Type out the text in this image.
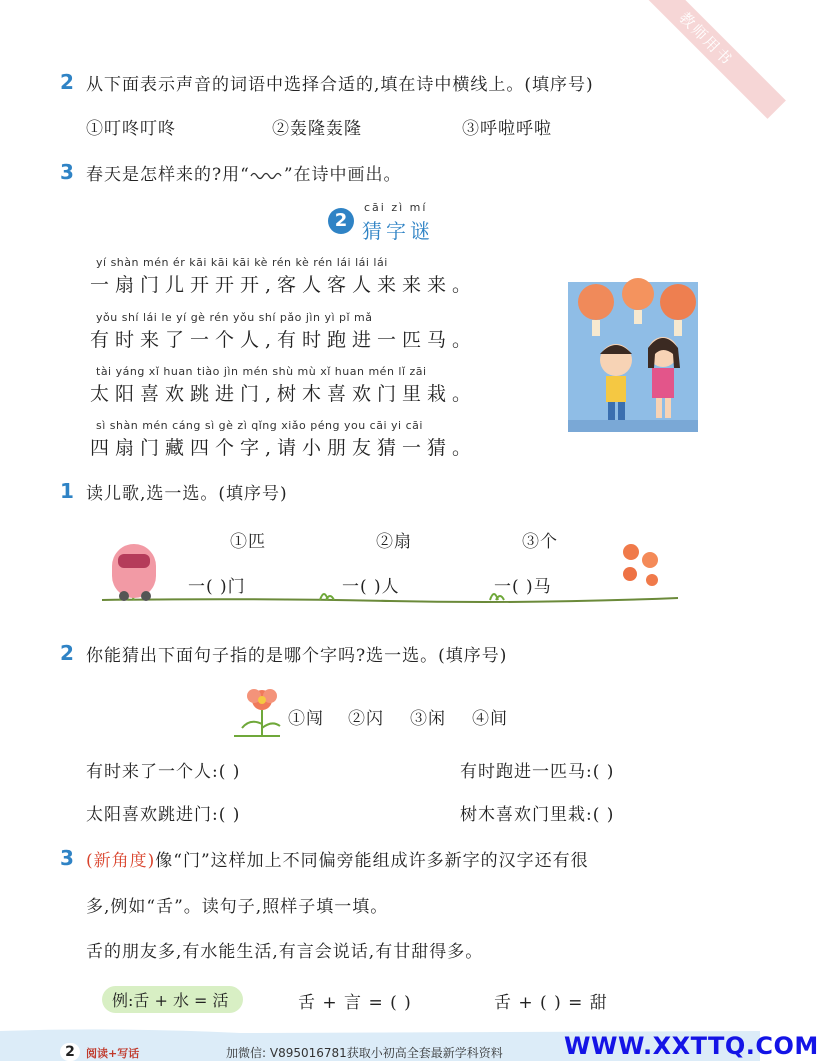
教师用书
2 从下面表示声音的词语中选择合适的,填在诗中横线上。(填序号)
①叮咚叮咚	②轰隆轰隆	③呼啦呼啦
3 春天是怎样来的?用“ ”在诗中画出。
2
cāi zì mí
猜字谜
yí shàn mén ér kāi kāi kāi kè rén kè rén lái lái lái
一扇门儿开开开,客人客人来来来。
yǒu shí lái le yí gè rén yǒu shí pǎo jìn yì pǐ mǎ
有时来了一个人,有时跑进一匹马。
tài yáng xǐ huan tiào jìn mén shù mù xǐ huan mén lǐ zāi
太阳喜欢跳进门,树木喜欢门里栽。
sì shàn mén cáng sì gè zì qǐng xiǎo péng you cāi yi cāi
四扇门藏四个字,请小朋友猜一猜。
1 读儿歌,选一选。(填序号)
①匹	②扇	③个
一( )门	一( )人	一( )马
2 你能猜出下面句子指的是哪个字吗?选一选。(填序号)
①闯 ②闪 ③闲 ④间
有时来了一个人:( )	有时跑进一匹马:( )
太阳喜欢跳进门:( )	树木喜欢门里栽:( )
3 (新角度)像“门”这样加上不同偏旁能组成许多新字的汉字还有很
多,例如“舌”。读句子,照样子填一填。
舌的朋友多,有水能生活,有言会说话,有甘甜得多。
例:舌 + 水 = 活	舌 + 言 = ( )	舌 + ( ) = 甜
2	阅读+写话	加微信: V895016781获取小初高全套最新学科资料	WWW.XXTTQ.COM
